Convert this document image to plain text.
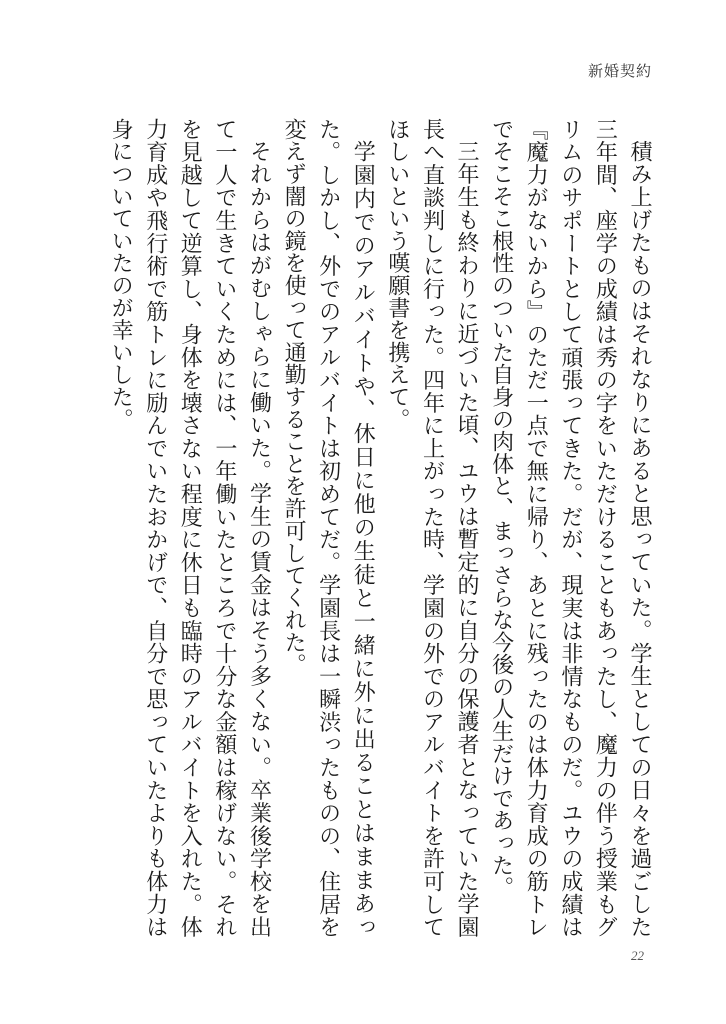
新婚契約

積み上げたものはそれなりにあると思っていた。学生としての日々を過ごした三年間、座学の成績は秀の字をいただけることもあったし、魔力の伴う授業もグリムのサポートとして頑張ってきた。だが、現実は非情なものだ。ユウの成績は『魔力がないから』のただ一点で無に帰り、あとに残ったのは体力育成の筋トレでそこそこ根性のついた自身の肉体と、まっさらな今後の人生だけであった。

三年生も終わりに近づいた頃、ユウは暫定的に自分の保護者となっていた学園長へ直談判しに行った。四年に上がった時、学園の外でのアルバイトを許可してほしいという嘆願書を携えて。

学園内でのアルバイトや、休日に他の生徒と一緒に外に出ることはままあった。しかし、外でのアルバイトは初めてだ。学園長は一瞬渋ったものの、住居を変えず闇の鏡を使って通勤することを許可してくれた。

それからはがむしゃらに働いた。学生の賃金はそう多くない。卒業後学校を出て一人で生きていくためには、一年働いたところで十分な金額は稼げない。それを見越して逆算し、身体を壊さない程度に休日も臨時のアルバイトを入れた。体力育成や飛行術で筋トレに励んでいたおかげで、自分で思っていたよりも体力は身についていたのが幸いした。

22
